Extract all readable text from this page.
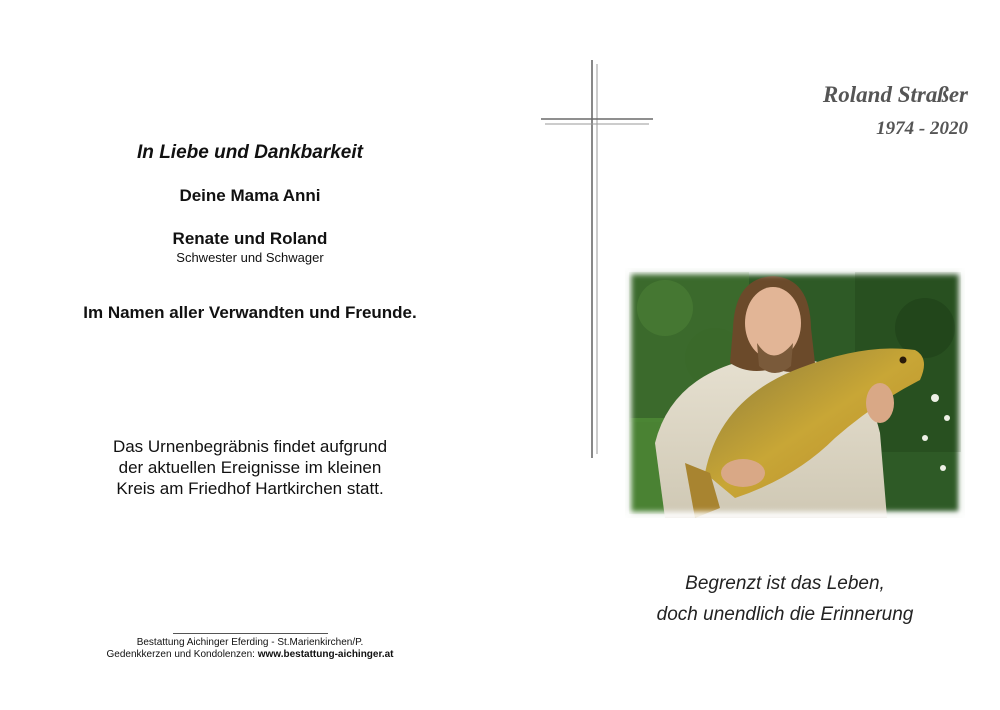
In Liebe und Dankbarkeit
Deine Mama Anni
Renate und Roland
Schwester und Schwager
Im Namen aller Verwandten und Freunde.
Das Urnenbegräbnis findet aufgrund
der aktuellen Ereignisse im kleinen
Kreis am Friedhof Hartkirchen statt.
Bestattung Aichinger Eferding - St.Marienkirchen/P.
Gedenkkerzen und Kondolenzen: www.bestattung-aichinger.at
Roland Straßer
1974 - 2020
Begrenzt ist das Leben,
doch unendlich die Erinnerung
